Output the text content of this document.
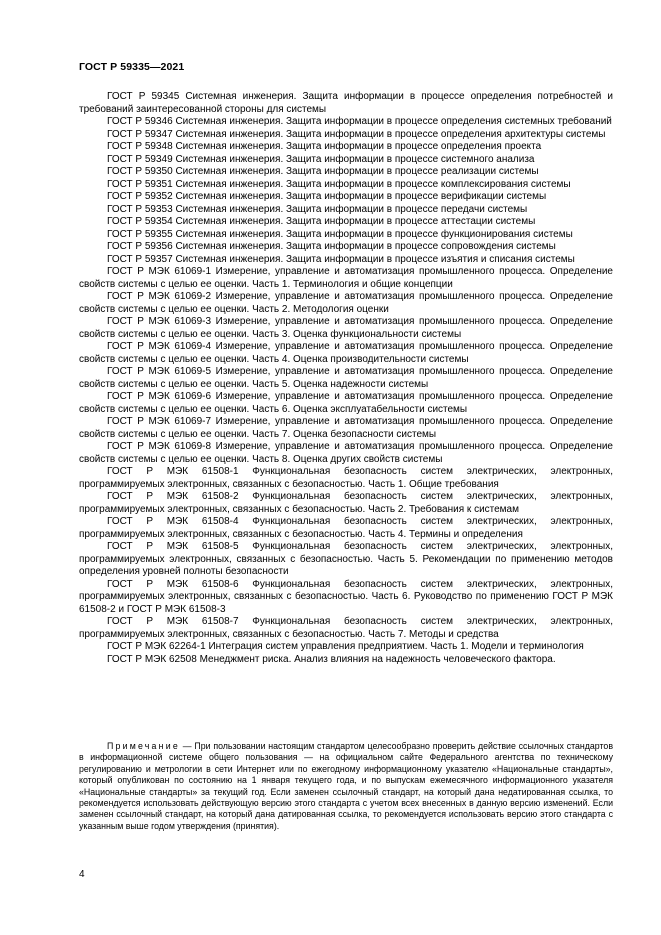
ГОСТ Р 59335—2021

ГОСТ Р 59345 Системная инженерия. Защита информации в процессе определения потребностей и требований заинтересованной стороны для системы

ГОСТ Р 59346 Системная инженерия. Защита информации в процессе определения системных требований

ГОСТ Р 59347 Системная инженерия. Защита информации в процессе определения архитектуры системы

ГОСТ Р 59348 Системная инженерия. Защита информации в процессе определения проекта

ГОСТ Р 59349 Системная инженерия. Защита информации в процессе системного анализа

ГОСТ Р 59350 Системная инженерия. Защита информации в процессе реализации системы

ГОСТ Р 59351 Системная инженерия. Защита информации в процессе комплексирования системы

ГОСТ Р 59352 Системная инженерия. Защита информации в процессе верификации системы

ГОСТ Р 59353 Системная инженерия. Защита информации в процессе передачи системы

ГОСТ Р 59354 Системная инженерия. Защита информации в процессе аттестации системы

ГОСТ Р 59355 Системная инженерия. Защита информации в процессе функционирования системы

ГОСТ Р 59356 Системная инженерия. Защита информации в процессе сопровождения системы

ГОСТ Р 59357 Системная инженерия. Защита информации в процессе изъятия и списания системы

ГОСТ Р МЭК 61069-1 Измерение, управление и автоматизация промышленного процесса. Определение свойств системы с целью ее оценки. Часть 1. Терминология и общие концепции

ГОСТ Р МЭК 61069-2 Измерение, управление и автоматизация промышленного процесса. Определение свойств системы с целью ее оценки. Часть 2. Методология оценки

ГОСТ Р МЭК 61069-3 Измерение, управление и автоматизация промышленного процесса. Определение свойств системы с целью ее оценки. Часть 3. Оценка функциональности системы

ГОСТ Р МЭК 61069-4 Измерение, управление и автоматизация промышленного процесса. Определение свойств системы с целью ее оценки. Часть 4. Оценка производительности системы

ГОСТ Р МЭК 61069-5 Измерение, управление и автоматизация промышленного процесса. Определение свойств системы с целью ее оценки. Часть 5. Оценка надежности системы

ГОСТ Р МЭК 61069-6 Измерение, управление и автоматизация промышленного процесса. Определение свойств системы с целью ее оценки. Часть 6. Оценка эксплуатабельности системы

ГОСТ Р МЭК 61069-7 Измерение, управление и автоматизация промышленного процесса. Определение свойств системы с целью ее оценки. Часть 7. Оценка безопасности системы

ГОСТ Р МЭК 61069-8 Измерение, управление и автоматизация промышленного процесса. Определение свойств системы с целью ее оценки. Часть 8. Оценка других свойств системы

ГОСТ Р МЭК 61508-1 Функциональная безопасность систем электрических, электронных, программируемых электронных, связанных с безопасностью. Часть 1. Общие требования

ГОСТ Р МЭК 61508-2 Функциональная безопасность систем электрических, электронных, программируемых электронных, связанных с безопасностью. Часть 2. Требования к системам

ГОСТ Р МЭК 61508-4 Функциональная безопасность систем электрических, электронных, программируемых электронных, связанных с безопасностью. Часть 4. Термины и определения

ГОСТ Р МЭК 61508-5 Функциональная безопасность систем электрических, электронных, программируемых электронных, связанных с безопасностью. Часть 5. Рекомендации по применению методов определения уровней полноты безопасности

ГОСТ Р МЭК 61508-6 Функциональная безопасность систем электрических, электронных, программируемых электронных, связанных с безопасностью. Часть 6. Руководство по применению ГОСТ Р МЭК 61508-2 и ГОСТ Р МЭК 61508-3

ГОСТ Р МЭК 61508-7 Функциональная безопасность систем электрических, электронных, программируемых электронных, связанных с безопасностью. Часть 7. Методы и средства

ГОСТ Р МЭК 62264-1 Интеграция систем управления предприятием. Часть 1. Модели и терминология

ГОСТ Р МЭК 62508 Менеджмент риска. Анализ влияния на надежность человеческого фактора.

Примечание — При пользовании настоящим стандартом целесообразно проверить действие ссылочных стандартов в информационной системе общего пользования — на официальном сайте Федерального агентства по техническому регулированию и метрологии в сети Интернет или по ежегодному информационному указателю «Национальные стандарты», который опубликован по состоянию на 1 января текущего года, и по выпускам ежемесячного информационного указателя «Национальные стандарты» за текущий год. Если заменен ссылочный стандарт, на который дана недатированная ссылка, то рекомендуется использовать действующую версию этого стандарта с учетом всех внесенных в данную версию изменений. Если заменен ссылочный стандарт, на который дана датированная ссылка, то рекомендуется использовать версию этого стандарта с указанным выше годом утверждения (принятия).

4
